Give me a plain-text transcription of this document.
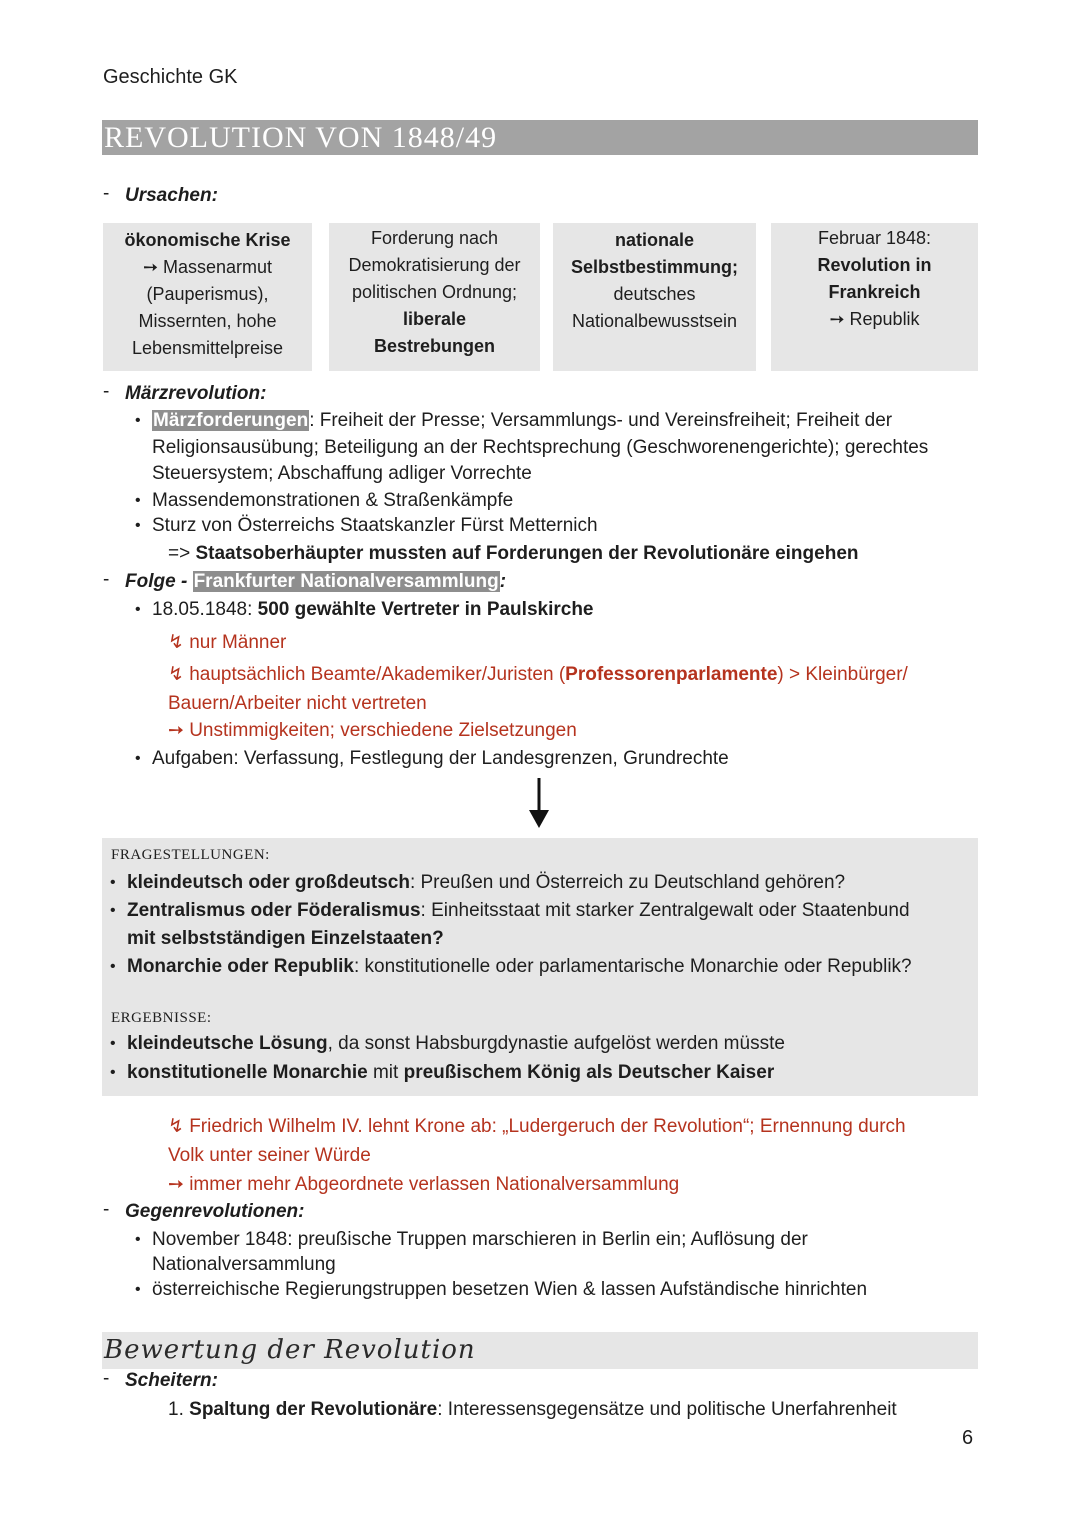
Geschichte GK
REVOLUTION VON 1848/49
- Ursachen:
ökonomische Krise
➙ Massenarmut
(Pauperismus),
Missernten, hohe
Lebensmittelpreise
Forderung nach
Demokratisierung der
politischen Ordnung;
liberale
Bestrebungen
nationale
Selbstbestimmung;
deutsches
Nationalbewusstsein
Februar 1848:
Revolution in
Frankreich
➙ Republik
- Märzrevolution:
• Märzforderungen: Freiheit der Presse; Versammlungs- und Vereinsfreiheit; Freiheit der
Religionsausübung; Beteiligung an der Rechtsprechung (Geschworenengerichte); gerechtes
Steuersystem; Abschaffung adliger Vorrechte
• Massendemonstrationen & Straßenkämpfe
• Sturz von Österreichs Staatskanzler Fürst Metternich
=> Staatsoberhäupter mussten auf Forderungen der Revolutionäre eingehen
- Folge - Frankfurter Nationalversammlung:
• 18.05.1848: 500 gewählte Vertreter in Paulskirche
↯ nur Männer
↯ hauptsächlich Beamte/Akademiker/Juristen (Professorenparlamente) > Kleinbürger/
Bauern/Arbeiter nicht vertreten
➙ Unstimmigkeiten; verschiedene Zielsetzungen
• Aufgaben: Verfassung, Festlegung der Landesgrenzen, Grundrechte
FRAGESTELLUNGEN:
• kleindeutsch oder großdeutsch: Preußen und Österreich zu Deutschland gehören?
• Zentralismus oder Föderalismus: Einheitsstaat mit starker Zentralgewalt oder Staatenbund
mit selbstständigen Einzelstaaten?
• Monarchie oder Republik: konstitutionelle oder parlamentarische Monarchie oder Republik?
ERGEBNISSE:
• kleindeutsche Lösung, da sonst Habsburgdynastie aufgelöst werden müsste
• konstitutionelle Monarchie mit preußischem König als Deutscher Kaiser
↯ Friedrich Wilhelm IV. lehnt Krone ab: „Ludergeruch der Revolution“; Ernennung durch
Volk unter seiner Würde
➙ immer mehr Abgeordnete verlassen Nationalversammlung
- Gegenrevolutionen:
• November 1848: preußische Truppen marschieren in Berlin ein; Auflösung der
Nationalversammlung
• österreichische Regierungstruppen besetzen Wien & lassen Aufständische hinrichten
Bewertung der Revolution
- Scheitern:
1. Spaltung der Revolutionäre: Interessensgegensätze und politische Unerfahrenheit
6
